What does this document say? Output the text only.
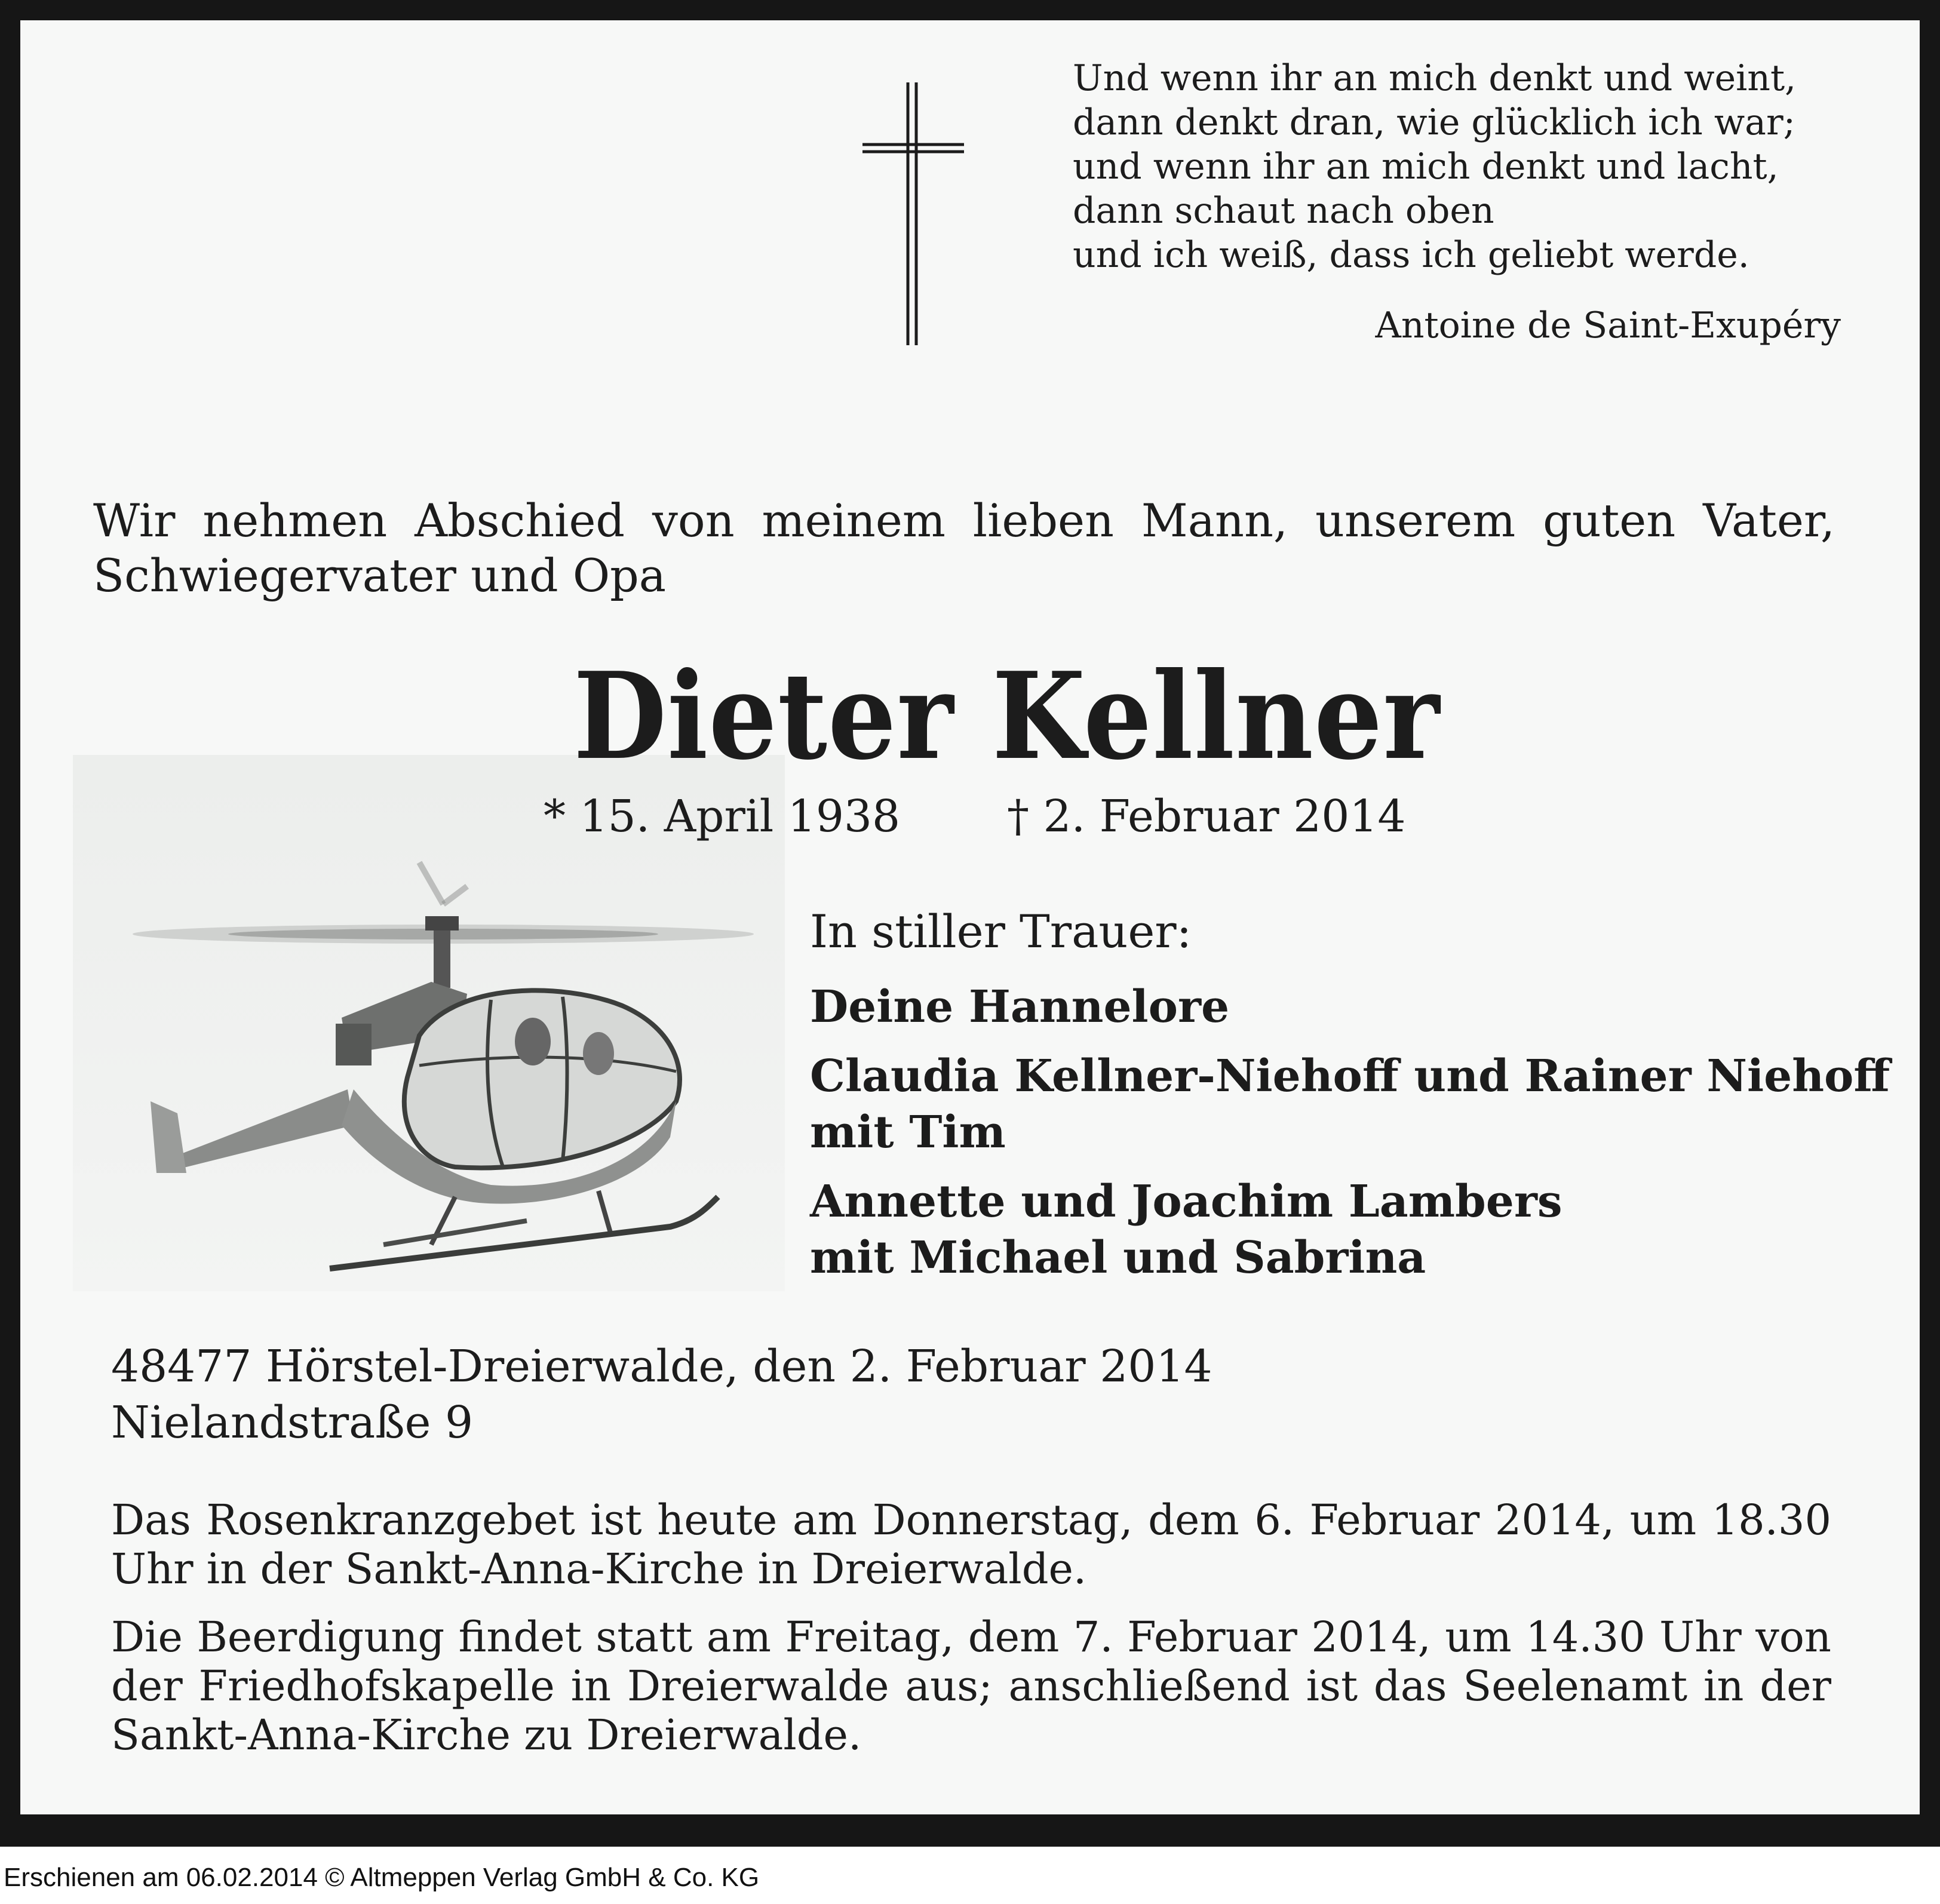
Und wenn ihr an mich denkt und weint,
dann denkt dran, wie glücklich ich war;
und wenn ihr an mich denkt und lacht,
dann schaut nach oben
und ich weiß, dass ich geliebt werde.
Antoine de Saint-Exupéry
Wir nehmen Abschied von meinem lieben Mann, unserem guten Vater,
Schwiegervater und Opa
Dieter Kellner
* 15. April 1938 † 2. Februar 2014
In stiller Trauer:
Deine Hannelore
Claudia Kellner-Niehoff und Rainer Niehoff
mit Tim
Annette und Joachim Lambers
mit Michael und Sabrina
48477 Hörstel-Dreierwalde, den 2. Februar 2014
Nielandstraße 9
Das Rosenkranzgebet ist heute am Donnerstag, dem 6. Februar 2014, um 18.30 Uhr in der Sankt-Anna-Kirche in Dreierwalde.
Die Beerdigung findet statt am Freitag, dem 7. Februar 2014, um 14.30 Uhr von der Friedhofskapelle in Dreierwalde aus; anschließend ist das Seelenamt in der Sankt-Anna-Kirche zu Dreierwalde.
Erschienen am 06.02.2014 © Altmeppen Verlag GmbH & Co. KG
